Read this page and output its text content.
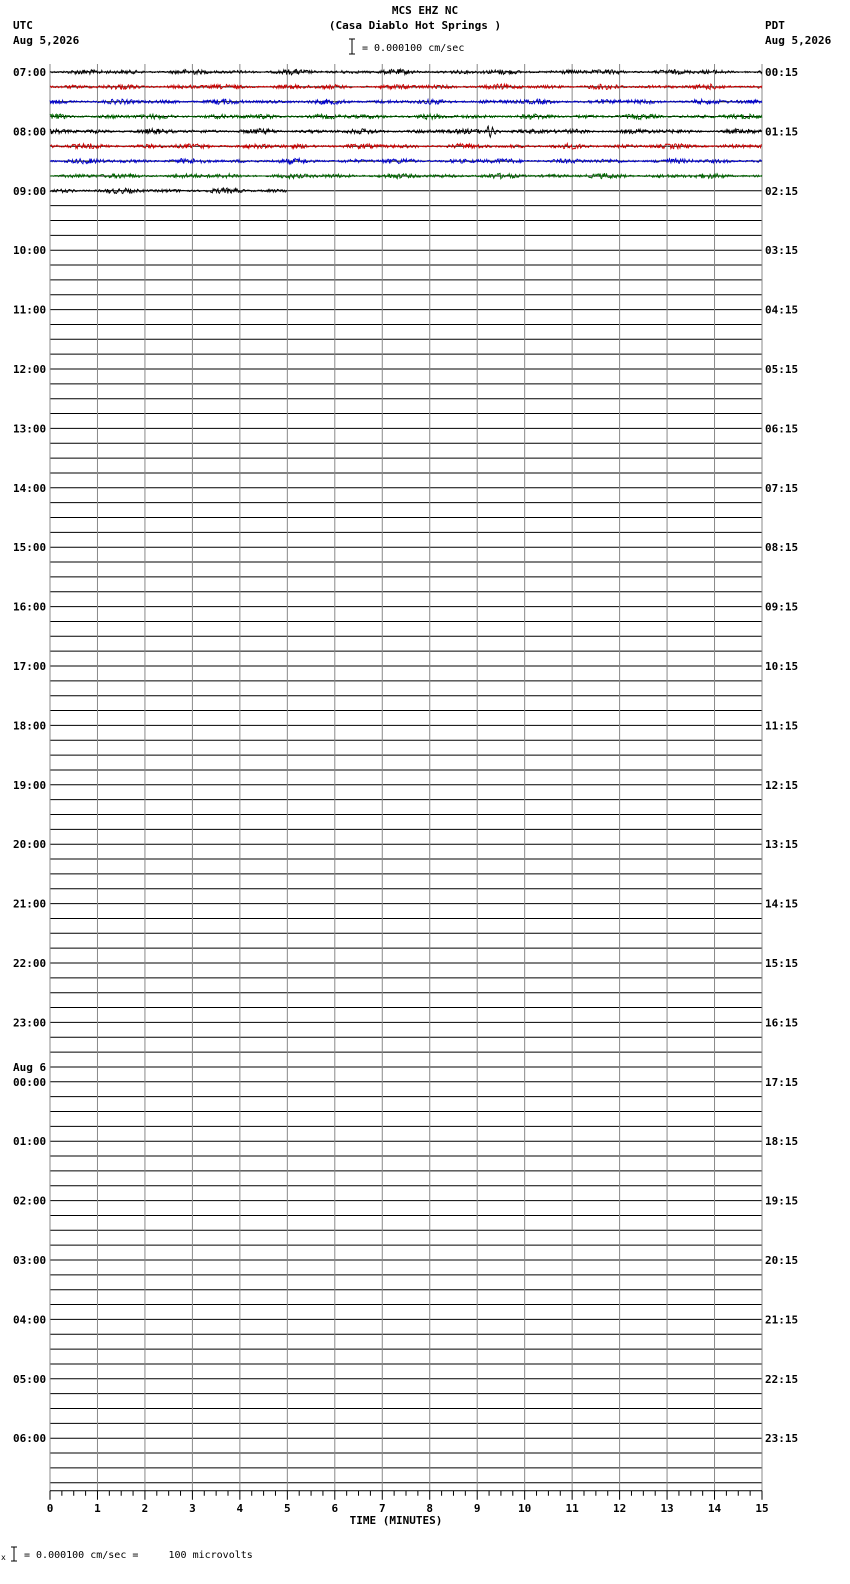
MCS EHZ NC
(Casa Diablo Hot Springs )
= 0.000100 cm/sec
UTC
Aug 5,2026
PDT
Aug 5,2026
0	1	2	3	4	5	6	7	8	9	10	11	12	13	14	15
TIME (MINUTES)
07:00
08:00
09:00
10:00
11:00
12:00
13:00
14:00
15:00
16:00
17:00
18:00
19:00
20:00
21:00
22:00
23:00
00:00
Aug 6
01:00
02:00
03:00
04:00
05:00
06:00
00:15
01:15
02:15
03:15
04:15
05:15
06:15
07:15
08:15
09:15
10:15
11:15
12:15
13:15
14:15
15:15
16:15
17:15
18:15
19:15
20:15
21:15
22:15
23:15
x = 0.000100 cm/sec =     100 microvolts
